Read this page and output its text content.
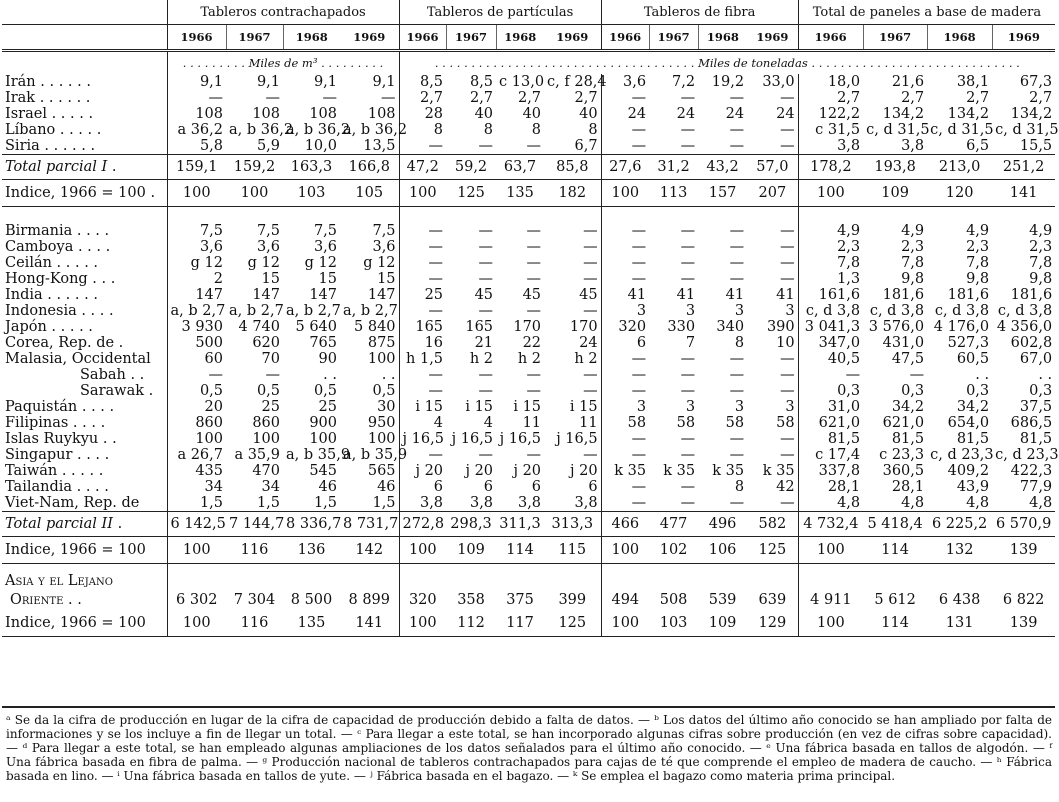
	Tableros contrachapados				Tableros de partículas				Tableros de fibra				Total de paneles a base de madera			
	1966	1967	1968	1969	1966	1967	1968	1969	1966	1967	1968	1969	1966	1967	1968	1969
	. . . . . . . . . Miles de m³ . . . . . . . . .				. . . . . . . . . . . . . . . . . . . . . . . . . . . . . . . . . . . . Miles de toneladas . . . . . . . . . . . . . . . . . . . . . . . . . . . . .											
Irán . . . . . .	9,1	9,1	9,1	9,1	8,5	8,5	c 13,0	c, f 28,4	3,6	7,2	19,2	33,0	18,0	21,6	38,1	67,3
Irak . . . . . .	—	—	—	—	2,7	2,7	2,7	2,7	—	—	—	—	2,7	2,7	2,7	2,7
Israel . . . . .	108	108	108	108	28	40	40	40	24	24	24	24	122,2	134,2	134,2	134,2
Líbano . . . . .	a 36,2	a, b 36,2	a, b 36,2	a, b 36,2	8	8	8	8	—	—	—	—	c 31,5	c, d 31,5	c, d 31,5	c, d 31,5
Siria . . . . . .	5,8	5,9	10,0	13,5	—	—	—	6,7	—	—	—	—	3,8	3,8	6,5	15,5
Total parcial I .	159,1	159,2	163,3	166,8	47,2	59,2	63,7	85,8	27,6	31,2	43,2	57,0	178,2	193,8	213,0	251,2
Indice, 1966 = 100 .	100	100	103	105	100	125	135	182	100	113	157	207	100	109	120	141

Birmania . . . .	7,5	7,5	7,5	7,5	—	—	—	—	—	—	—	—	4,9	4,9	4,9	4,9
Camboya . . . .	3,6	3,6	3,6	3,6	—	—	—	—	—	—	—	—	2,3	2,3	2,3	2,3
Ceilán . . . . .	g 12	g 12	g 12	g 12	—	—	—	—	—	—	—	—	7,8	7,8	7,8	7,8
Hong-Kong . . .	2	15	15	15	—	—	—	—	—	—	—	—	1,3	9,8	9,8	9,8
India . . . . . .	147	147	147	147	25	45	45	45	41	41	41	41	161,6	181,6	181,6	181,6
Indonesia . . . .	a, b 2,7	a, b 2,7	a, b 2,7	a, b 2,7	—	—	—	—	3	3	3	3	c, d 3,8	c, d 3,8	c, d 3,8	c, d 3,8
Japón . . . . .	3 930	4 740	5 640	5 840	165	165	170	170	320	330	340	390	3 041,3	3 576,0	4 176,0	4 356,0
Corea, Rep. de .	500	620	765	875	16	21	22	24	6	7	8	10	347,0	431,0	527,3	602,8
Malasia, Occidental	60	70	90	100	h 1,5	h 2	h 2	h 2	—	—	—	—	40,5	47,5	60,5	67,0
Sabah . .	—	—	. .	. .	—	—	—	—	—	—	—	—	—	—	. .	. .
Sarawak .	0,5	0,5	0,5	0,5	—	—	—	—	—	—	—	—	0,3	0,3	0,3	0,3
Paquistán . . . .	20	25	25	30	i 15	i 15	i 15	i 15	3	3	3	3	31,0	34,2	34,2	37,5
Filipinas . . . .	860	860	900	950	4	4	11	11	58	58	58	58	621,0	621,0	654,0	686,5
Islas Ruykyu . .	100	100	100	100	j 16,5	j 16,5	j 16,5	j 16,5	—	—	—	—	81,5	81,5	81,5	81,5
Singapur . . . .	a 26,7	a 35,9	a, b 35,9	a, b 35,9	—	—	—	—	—	—	—	—	c 17,4	c 23,3	c, d 23,3	c, d 23,3
Taiwán . . . . .	435	470	545	565	j 20	j 20	j 20	j 20	k 35	k 35	k 35	k 35	337,8	360,5	409,2	422,3
Tailandia . . . .	34	34	46	46	6	6	6	6	—	—	8	42	28,1	28,1	43,9	77,9
Viet-Nam, Rep. de	1,5	1,5	1,5	1,5	3,8	3,8	3,8	3,8	—	—	—	—	4,8	4,8	4,8	4,8
Total parcial II .	6 142,5	7 144,7	8 336,7	8 731,7	272,8	298,3	311,3	313,3	466	477	496	582	4 732,4	5 418,4	6 225,2	6 570,9
Indice, 1966 = 100	100	116	136	142	100	109	114	115	100	102	106	125	100	114	132	139

Asia y el Lejano																
Oriente . .	6 302	7 304	8 500	8 899	320	358	375	399	494	508	539	639	4 911	5 612	6 438	6 822
Indice, 1966 = 100	100	116	135	141	100	112	117	125	100	103	109	129	100	114	131	139
ᵃ Se da la cifra de producción en lugar de la cifra de capacidad de producción debido a falta de datos. — ᵇ Los datos del último año conocido se han ampliado por falta de informaciones y se los incluye a fin de llegar un total. — ᶜ Para llegar a este total, se han incorporado algunas cifras sobre producción (en vez de cifras sobre capacidad). — ᵈ Para llegar a este total, se han empleado algunas ampliaciones de los datos señalados para el último año conocido. — ᵉ Una fábrica basada en tallos de algodón. — ᶠ Una fábrica basada en fibra de palma. — ᵍ Producción nacional de tableros contrachapados para cajas de té que comprende el empleo de madera de caucho. — ʰ Fábrica basada en lino. — ⁱ Una fábrica basada en tallos de yute. — ʲ Fábrica basada en el bagazo. — ᵏ Se emplea el bagazo como materia prima principal.
